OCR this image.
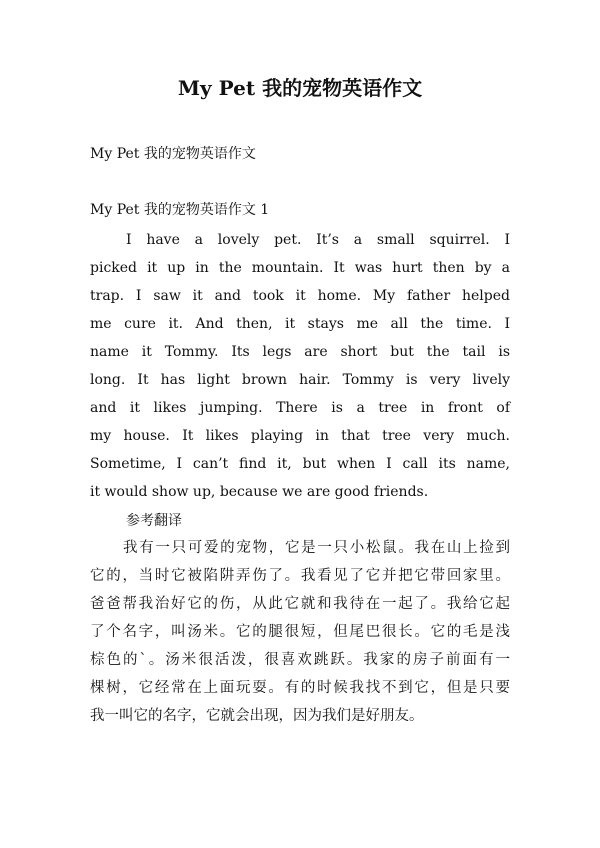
My Pet 我的宠物英语作文
My Pet 我的宠物英语作文
My Pet 我的宠物英语作文 1
I have a lovely pet. It’s a small squirrel. I
picked it up in the mountain. It was hurt then by a
trap. I saw it and took it home. My father helped
me cure it. And then, it stays me all the time. I
name it Tommy. Its legs are short but the tail is
long. It has light brown hair. Tommy is very lively
and it likes jumping. There is a tree in front of
my house. It likes playing in that tree very much.
Sometime, I can’t find it, but when I call its name,
it would show up, because we are good friends.
参考翻译
我有一只可爱的宠物，它是一只小松鼠。我在山上捡到
它的，当时它被陷阱弄伤了。我看见了它并把它带回家里。
爸爸帮我治好它的伤，从此它就和我待在一起了。我给它起
了个名字，叫汤米。它的腿很短，但尾巴很长。它的毛是浅
棕色的`。汤米很活泼，很喜欢跳跃。我家的房子前面有一
棵树，它经常在上面玩耍。有的时候我找不到它，但是只要
我一叫它的名字，它就会出现，因为我们是好朋友。
